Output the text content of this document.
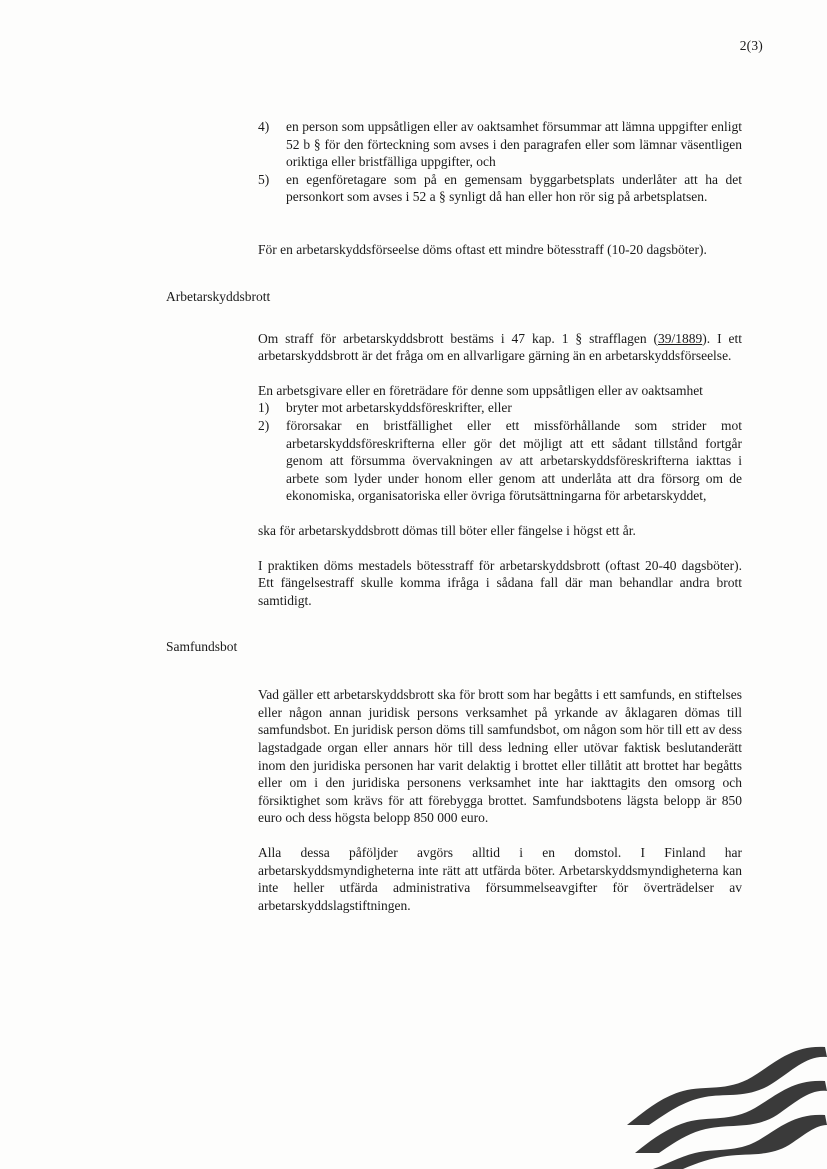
2(3)
4)	en person som uppsåtligen eller av oaktsamhet försummar att lämna uppgifter enligt 52 b § för den förteckning som avses i den paragrafen eller som lämnar väsentligen oriktiga eller bristfälliga uppgifter, och
5)	en egenföretagare som på en gemensam byggarbetsplats underlåter att ha det personkort som avses i 52 a § synligt då han eller hon rör sig på arbetsplatsen.

För en arbetarskyddsförseelse döms oftast ett mindre bötesstraff (10-20 dagsböter).

Arbetarskyddsbrott

Om straff för arbetarskyddsbrott bestäms i 47 kap. 1 § strafflagen (39/1889). I ett arbetarskyddsbrott är det fråga om en allvarligare gärning än en arbetarskyddsförseelse.

En arbetsgivare eller en företrädare för denne som uppsåtligen eller av oaktsamhet

1)	bryter mot arbetarskyddsföreskrifter, eller
2)	förorsakar en bristfällighet eller ett missförhållande som strider mot arbetarskyddsföreskrifterna eller gör det möjligt att ett sådant tillstånd fortgår genom att försumma övervakningen av att arbetarskyddsföreskrifterna iakttas i arbete som lyder under honom eller genom att underlåta att dra försorg om de ekonomiska, organisatoriska eller övriga förutsättningarna för arbetarskyddet,

ska för arbetarskyddsbrott dömas till böter eller fängelse i högst ett år.

I praktiken döms mestadels bötesstraff för arbetarskyddsbrott (oftast 20-40 dagsböter). Ett fängelsestraff skulle komma ifråga i sådana fall där man behandlar andra brott samtidigt.

Samfundsbot

Vad gäller ett arbetarskyddsbrott ska för brott som har begåtts i ett samfunds, en stiftelses eller någon annan juridisk persons verksamhet på yrkande av åklagaren dömas till samfundsbot. En juridisk person döms till samfundsbot, om någon som hör till ett av dess lagstadgade organ eller annars hör till dess ledning eller utövar faktisk beslutanderätt inom den juridiska personen har varit delaktig i brottet eller tillåtit att brottet har begåtts eller om i den juridiska personens verksamhet inte har iakttagits den omsorg och försiktighet som krävs för att förebygga brottet. Samfundsbotens lägsta belopp är 850 euro och dess högsta belopp 850 000 euro.

Alla dessa påföljder avgörs alltid i en domstol. I Finland har arbetarskyddsmyndigheterna inte rätt att utfärda böter. Arbetarskyddsmyndigheterna kan inte heller utfärda administrativa försummelseavgifter för överträdelser av arbetarskyddslagstiftningen.
